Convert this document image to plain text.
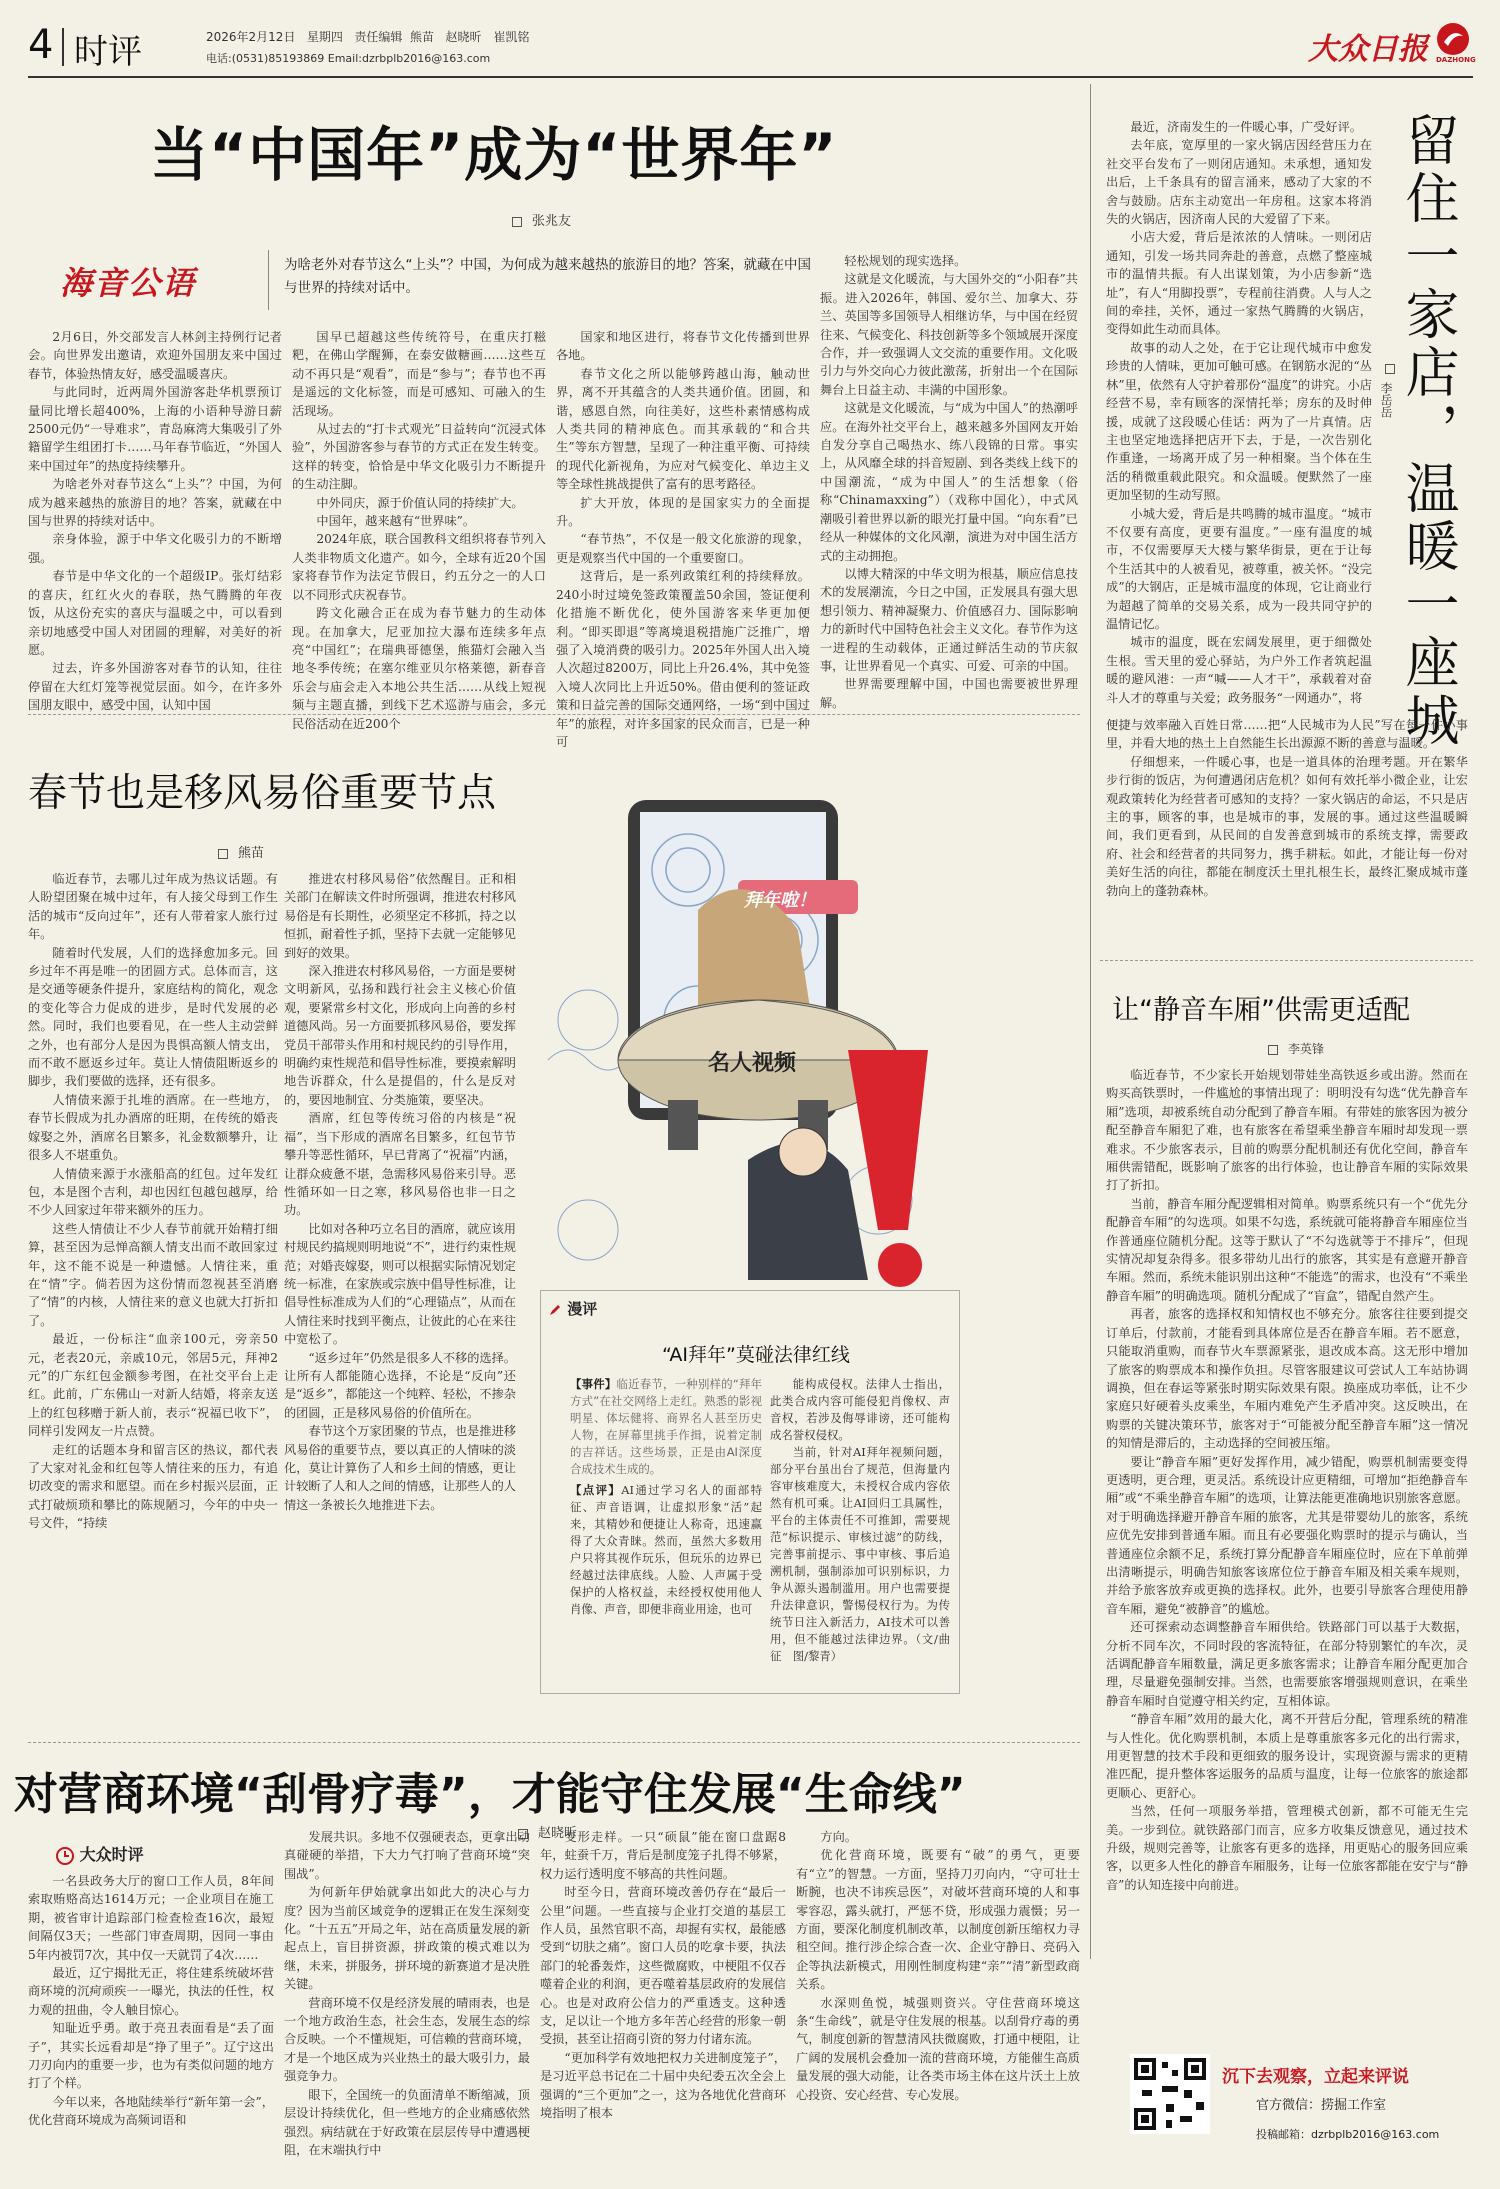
4 时评	2026年2月12日 星期四 责任编辑 熊苗 赵晓昕　崔凯铭
电话:(0531)85193869 Email:dzrbplb2016@163.com	大众日报 DAZHONG
当“中国年”成为“世界年”
张兆友
海音公语	为啥老外对春节这么“上头”？中国，为何成为越来越热的旅游目的地？答案，就藏在中国与世界的持续对话中。

2月6日，外交部发言人林剑主持例行记者会。向世界发出邀请，欢迎外国朋友来中国过春节，体验热情友好，感受温暖喜庆。

与此同时，近两周外国游客赴华机票预订量同比增长超400%，上海的小语种导游日薪2500元仍“一导难求”，青岛麻湾大集吸引了外籍留学生组团打卡……马年春节临近，“外国人来中国过年”的热度持续攀升。

为啥老外对春节这么“上头”？中国，为何成为越来越热的旅游目的地？答案，就藏在中国与世界的持续对话中。

亲身体验，源于中华文化吸引力的不断增强。

春节是中华文化的一个超级IP。张灯结彩的喜庆，红红火火的春联，热气腾腾的年夜饭，从这份充实的喜庆与温暖之中，可以看到亲切地感受中国人对团圆的理解，对美好的祈愿。

过去，许多外国游客对春节的认知，往往停留在大红灯笼等视觉层面。如今，在许多外国朋友眼中，感受中国，认知中国

国早已超越这些传统符号，在重庆打糍粑，在佛山学醒狮，在泰安做糖画……这些互动不再只是“观看”，而是“参与”；春节也不再是遥远的文化标签，而是可感知、可融入的生活现场。

从过去的“打卡式观光”日益转向“沉浸式体验”，外国游客参与春节的方式正在发生转变。这样的转变，恰恰是中华文化吸引力不断提升的生动注脚。

中外同庆，源于价值认同的持续扩大。

中国年，越来越有“世界味”。

2024年底，联合国教科文组织将春节列入人类非物质文化遗产。如今，全球有近20个国家将春节作为法定节假日，约五分之一的人口以不同形式庆祝春节。

跨文化融合正在成为春节魅力的生动体现。在加拿大，尼亚加拉大瀑布连续多年点亮“中国红”；在瑞典哥德堡，熊猫灯会融入当地冬季传统；在塞尔维亚贝尔格莱德，新春音乐会与庙会走入本地公共生活……从线上短视频与主题直播，到线下艺术巡游与庙会，多元民俗活动在近200个

国家和地区进行，将春节文化传播到世界各地。

春节文化之所以能够跨越山海，触动世界，离不开其蕴含的人类共通价值。团圆，和谐，感恩自然，向往美好，这些朴素情感构成人类共同的精神底色。而其承载的“和合共生”等东方智慧，呈现了一种注重平衡、可持续的现代化新视角，为应对气候变化、单边主义等全球性挑战提供了富有的思考路径。

扩大开放，体现的是国家实力的全面提升。

“春节热”，不仅是一般文化旅游的现象，更是观察当代中国的一个重要窗口。

这背后，是一系列政策红利的持续释放。240小时过境免签政策覆盖50余国，签证便利化措施不断优化，使外国游客来华更加便利。“即买即退”等离境退税措施广泛推广，增强了入境消费的吸引力。2025年外国人出入境人次超过8200万，同比上升26.4%，其中免签入境人次同比上升近50%。借由便利的签证政策和日益完善的国际交通网络，一场“到中国过年”的旅程，对许多国家的民众而言，已是一种可

轻松规划的现实选择。

这就是文化暖流，与大国外交的“小阳春”共振。进入2026年，韩国、爱尔兰、加拿大、芬兰、英国等多国领导人相继访华，与中国在经贸往来、气候变化、科技创新等多个领域展开深度合作，并一致强调人文交流的重要作用。文化吸引力与外交向心力彼此激荡，折射出一个在国际舞台上日益主动、丰满的中国形象。

这就是文化暖流，与“成为中国人”的热潮呼应。在海外社交平台上，越来越多外国网友开始自发分享自己喝热水、练八段锦的日常。事实上，从风靡全球的抖音短剧、到各类线上线下的中国潮流，“成为中国人”的生活想象（俗称“Chinamaxxing”）（戏称中国化），中式风潮吸引着世界以新的眼光打量中国。“向东看”已经从一种媒体的文化风潮，演进为对中国生活方式的主动拥抱。

以博大精深的中华文明为根基，顺应信息技术的发展潮流，今日之中国，正发展具有强大思想引领力、精神凝聚力、价值感召力、国际影响力的新时代中国特色社会主义文化。春节作为这一进程的生动载体，正通过鲜活生动的节庆叙事，让世界看见一个真实、可爱、可亲的中国。

世界需要理解中国，中国也需要被世界理解。	留住一家店，温暖一座城
李岳岳

最近，济南发生的一件暖心事，广受好评。

去年底，宽厚里的一家火锅店因经营压力在社交平台发布了一则闭店通知。未承想，通知发出后，上千条具有的留言涌来，感动了大家的不舍与鼓励。店东主动宽出一年房租。这家本将消失的火锅店，因济南人民的大爱留了下来。

小店大爱，背后是浓浓的人情味。一则闭店通知，引发一场共同奔赴的善意，点燃了整座城市的温情共振。有人出谋划策，为小店参新“选址”，有人“用脚投票”，专程前往消费。人与人之间的牵挂，关怀，通过一家热气腾腾的火锅店，变得如此生动而具体。

故事的动人之处，在于它让现代城市中愈发珍贵的人情味，更加可触可感。在钢筋水泥的“丛林”里，依然有人守护着那份“温度”的讲究。小店经营不易，幸有顾客的深情托举；房东的及时伸援，成就了这段暖心佳话：两为了一片真情。店主也坚定地选择把店开下去，于是，一次告别化作重逢，一场离开成了另一种相聚。当个体在生活的稍微重载此限究。和众温暖。便默然了一座更加坚韧的生动写照。

小城大爱，背后是共鸣腾的城市温度。“城市不仅要有高度，更要有温度。”一座有温度的城市，不仅需要厚天大楼与繁华街景，更在于让每个生活其中的人被看见，被尊重，被关怀。“没完成”的大钢店，正是城市温度的体现，它让商业行为超越了简单的交易关系，成为一段共同守护的温情记忆。

城市的温度，既在宏阔发展里，更于细微处生根。雪天里的爱心驿站，为户外工作者筑起温暖的避风港：一声“喊——人才干”，承载着对奋斗人才的尊重与关爱；政务服务“一网通办”，将

便捷与效率融入百姓日常……把“人民城市为人民”写在每一件小事里，并看大地的热土上自然能生长出源源不断的善意与温暖。

仔细想来，一件暖心事，也是一道具体的治理考题。开在繁华步行街的饭店，为何遭遇闭店危机？如何有效托举小微企业，让宏观政策转化为经营者可感知的支持？一家火锅店的命运，不只是店主的事，顾客的事，也是城市的事，发展的事。通过这些温暖瞬间，我们更看到，从民间的自发善意到城市的系统支撑，需要政府、社会和经营者的共同努力，携手耕耘。如此，才能让每一份对美好生活的向往，都能在制度沃土里扎根生长，最终汇聚成城市蓬勃向上的蓬勃森林。

春节也是移风易俗重要节点
熊苗

临近春节，去哪儿过年成为热议话题。有人盼望团聚在城中过年，有人接父母到工作生活的城市“反向过年”，还有人带着家人旅行过年。

随着时代发展，人们的选择愈加多元。回乡过年不再是唯一的团圆方式。总体而言，这是交通等硬条件提升，家庭结构的简化，观念的变化等合力促成的进步，是时代发展的必然。同时，我们也要看见，在一些人主动尝鲜之外，也有部分人是因为畏惧高额人情支出，而不敢不愿返乡过年。莫让人情债阻断返乡的脚步，我们要做的选择，还有很多。

人情债来源于扎堆的酒席。在一些地方，春节长假成为扎办酒席的旺期，在传统的婚丧嫁娶之外，酒席名目繁多，礼金数额攀升，让很多人不堪重负。

人情债来源于水涨船高的红包。过年发红包，本是图个吉利，却也因红包越包越厚，给不少人回家过年带来额外的压力。

这些人情债让不少人春节前就开始精打细算，甚至因为忌惮高额人情支出而不敢回家过年，这不能不说是一种遗憾。人情往来，重在“情”字。倘若因为这份情而忽视甚至消磨了“情”的内核，人情往来的意义也就大打折扣了。

最近，一份标注“血亲100元，旁亲50元，老表20元，亲戚10元，邻居5元，拜神2元”的广东红包金额参考图，在社交平台上走红。此前，广东佛山一对新人结婚，将亲友送上的红包移赠于新人前，表示“祝福已收下”，同样引发网友一片点赞。

走红的话题本身和留言区的热议，都代表了大家对礼金和红包等人情往来的压力，有追切改变的需求和愿望。而在乡村振兴层面，正式打破烦琐和攀比的陈规陋习，今年的中央一号文件，“持续

推进农村移风易俗”依然醒目。正和相关部门在解读文件时所强调，推进农村移风易俗是有长期性，必须坚定不移抓，持之以恒抓，耐着性子抓，坚持下去就一定能够见到好的效果。

深入推进农村移风易俗，一方面是要树文明新风，弘扬和践行社会主义核心价值观，要紧常乡村文化，形成向上向善的乡村道德风尚。另一方面要抓移风易俗，要发挥党员干部带头作用和村规民约的引导作用，明确约束性规范和倡导性标准，要摸索解明地告诉群众，什么是提倡的，什么是反对的，要因地制宜、分类施策，要坚决。

酒席，红包等传统习俗的内核是“祝福”，当下形成的酒席名目繁多，红包节节攀升等恶性循环，早已背离了“祝福”内涵，让群众疲惫不堪，急需移风易俗来引导。恶性循环如一日之寒，移风易俗也非一日之功。

比如对各种巧立名目的酒席，就应该用村规民约搞规则明地说“不”，进行约束性规范；对婚丧嫁娶，则可以根据实际情况划定统一标准，在家族或宗族中倡导性标准，让倡导性标准成为人们的“心理锚点”，从而在人情往来时找到平衡点，让彼此的心在来往中宽松了。

“返乡过年”仍然是很多人不移的选择。让所有人都能随心选择，不论是“反向”还是“返乡”，都能这一个纯粹、轻松，不掺杂的团圆，正是移风易俗的价值所在。

春节这个万家团聚的节点，也是推进移风易俗的重要节点，要以真正的人情味的淡化，莫让计算伤了人和乡土间的情感，更让计较断了人和人之间的情感，让那些人的人情这一条被长久地推进下去。

拜年啦！
名人视频
漫评
“AI拜年”莫碰法律红线
【事件】临近春节，一种别样的“拜年方式”在社交网络上走红。熟悉的影视明星、体坛健将、商界名人甚至历史人物，在屏幕里挑手作揖，说着定制的吉祥话。这些场景，正是由AI深度合成技术生成的。
【点评】AI通过学习名人的面部特征、声音语调，让虚拟形象“活”起来，其精妙和便捷让人称奇，迅速赢得了大众青睐。然而，虽然大多数用户只将其视作玩乐，但玩乐的边界已经越过法律底线。人脸、人声属于受保护的人格权益，未经授权使用他人肖像、声音，即便非商业用途，也可

能构成侵权。法律人士指出，此类合成内容可能侵犯肖像权、声音权，若涉及侮辱诽谤，还可能构成名誉权侵权。

当前，针对AI拜年视频问题，部分平台虽出台了规范，但海量内容审核难度大，未授权合成内容依然有机可乘。让AI回归工具属性，平台的主体责任不可推卸，需要规范“标识提示、审核过滤”的防线，完善事前提示、事中审核、事后追溯机制，强制添加可识别标识，力争从源头遏制滥用。用户也需要提升法律意识，警惕侵权行为。为传统节日注入新活力，AI技术可以善用，但不能越过法律边界。（文/曲征　图/黎青）

让“静音车厢”供需更适配
李英锋

临近春节，不少家长开始规划带娃坐高铁返乡或出游。然而在购买高铁票时，一件尴尬的事情出现了：明明没有勾选“优先静音车厢”选项，却被系统自动分配到了静音车厢。有带娃的旅客因为被分配至静音车厢犯了难，也有旅客在希望乘坐静音车厢时却发现一票难求。不少旅客表示，目前的购票分配机制还有优化空间，静音车厢供需错配，既影响了旅客的出行体验，也让静音车厢的实际效果打了折扣。

当前，静音车厢分配逻辑相对简单。购票系统只有一个“优先分配静音车厢”的勾选项。如果不勾选，系统就可能将静音车厢座位当作普通座位随机分配。这等于默认了“不勾选就等于不排斥”，但现实情况却复杂得多。很多带幼儿出行的旅客，其实是有意避开静音车厢。然而，系统未能识别出这种“不能选”的需求，也没有“不乘坐静音车厢”的明确选项。随机分配成了“盲盒”，错配自然产生。

再者，旅客的选择权和知情权也不够充分。旅客往往要到提交订单后，付款前，才能看到具体席位是否在静音车厢。若不愿意，只能取消重购，而春节火车票源紧张，退改成本高。这无形中增加了旅客的购票成本和操作负担。尽管客服建议可尝试人工车站协调调换，但在春运等紧张时期实际效果有限。换座成功率低，让不少家庭只好硬着头皮乘坐，车厢内难免产生矛盾冲突。这反映出，在购票的关键决策环节，旅客对于“可能被分配至静音车厢”这一情况的知情是滞后的，主动选择的空间被压缩。

要让“静音车厢”更好发挥作用，减少错配，购票机制需要变得更透明，更合理，更灵活。系统设计应更精细，可增加“拒绝静音车厢”或“不乘坐静音车厢”的选项，让算法能更准确地识别旅客意愿。对于明确选择避开静音车厢的旅客，尤其是带婴幼儿的旅客，系统应优先安排到普通车厢。而且有必要强化购票时的提示与确认，当普通座位余额不足，系统打算分配静音车厢座位时，应在下单前弹出清晰提示，明确告知旅客该席位位于静音车厢及相关乘车规则，并给予旅客放弃或更换的选择权。此外，也要引导旅客合理使用静音车厢，避免“被静音”的尴尬。

还可探索动态调整静音车厢供给。铁路部门可以基于大数据，分析不同车次，不同时段的客流特征，在部分特别繁忙的车次，灵活调配静音车厢数量，满足更多旅客需求；让静音车厢分配更加合理，尽量避免强制安排。当然，也需要旅客增强规则意识，在乘坐静音车厢时自觉遵守相关约定，互相体谅。

“静音车厢”效用的最大化，离不开营后分配，管理系统的精准与人性化。优化购票机制，本质上是尊重旅客多元化的出行需求，用更智慧的技术手段和更细致的服务设计，实现资源与需求的更精准匹配，提升整体客运服务的品质与温度，让每一位旅客的旅途都更顺心、更舒心。

当然，任何一项服务举措，管理模式创新，都不可能无生完美。一步到位。就铁路部门而言，应多方收集反馈意见，通过技术升级，规则完善等，让旅客有更多的选择，用更贴心的服务回应乘客，以更多人性化的静音车厢服务，让每一位旅客都能在安宁与“静音”的认知连接中向前进。

对营商环境“刮骨疗毒”，才能守住发展“生命线”
赵晓昕
大众时评

一名县政务大厅的窗口工作人员，8年间索取贿赂高达1614万元；一企业项目在施工期，被省审计追踪部门检查检查16次，最短间隔仅3天；一些部门审查周期，因同一事由5年内被罚7次，其中仅一天就罚了4次……

最近，辽宁揭批无正，将住建系统破坏营商环境的沉疴顽疾一一曝光，执法的任性，权力观的扭曲，令人触目惊心。

知耻近乎勇。敢于亮丑表面看是“丢了面子”，其实长远看却是“挣了里子”。辽宁这出刀刃向内的重要一步，也为有类似问题的地方打了个样。

今年以来，各地陆续举行“新年第一会”，优化营商环境成为高频词语和

发展共识。多地不仅强硬表态，更拿出动真碰硬的举措，下大力气打响了营商环境“突围战”。

为何新年伊始就拿出如此大的决心与力度？因为当前区域竞争的逻辑正在发生深刻变化。“十五五”开局之年，站在高质量发展的新起点上，盲目拼资源，拼政策的模式难以为继，未来，拼服务，拼环境的新赛道才是决胜关键。

营商环境不仅是经济发展的晴雨表，也是一个地方政治生态，社会生态，发展生态的综合反映。一个不懂规矩，可信赖的营商环境，才是一个地区成为兴业热土的最大吸引力，最强竞争力。

眼下，全国统一的负面清单不断缩减，顶层设计持续优化，但一些地方的企业痛感依然强烈。病结就在于好政策在层层传导中遭遇梗阻，在末端执行中

变形走样。一只“硕鼠”能在窗口盘踞8年，蛀蚕千万，背后是制度笼子扎得不够紧，权力运行透明度不够高的共性问题。

时至今日，营商环境改善仍存在“最后一公里”问题。一些直接与企业打交道的基层工作人员，虽然官职不高，却握有实权，最能感受到“切肤之痛”。窗口人员的吃拿卡要，执法部门的轮番轰炸，这些微腐败，中梗阻不仅吞噬着企业的利润，更吞噬着基层政府的发展信心。也是对政府公信力的严重透支。这种透支，足以让一个地方多年苦心经营的形象一朝受损，甚至让招商引资的努力付诸东流。

“更加科学有效地把权力关进制度笼子”，是习近平总书记在二十届中央纪委五次全会上强调的“三个更加”之一，这为各地优化营商环境指明了根本

方向。

优化营商环境，既要有“破”的勇气，更要有“立”的智慧。一方面，坚持刀刃向内，“守可壮士断腕，也决不讳疾忌医”，对破坏营商环境的人和事零容忍，露头就打，严惩不贷，形成强力震慑；另一方面，要深化制度机制改革，以制度创新压缩权力寻租空间。推行涉企综合查一次、企业守静日、亮码入企等执法新模式，用刚性制度构建“亲”“清”新型政商关系。

水深则鱼悦，城强则资兴。守住营商环境这条“生命线”，就是守住发展的根基。以刮骨疗毒的勇气，制度创新的智慧清风扶微腐败，打通中梗阻，让广阔的发展机会叠加一流的营商环境，方能催生高质量发展的强大动能，让各类市场主体在这片沃土上放心投资、安心经营、专心发展。

沉下去观察，立起来评说
官方微信：捞掘工作室
投稿邮箱：dzrbplb2016@163.com
